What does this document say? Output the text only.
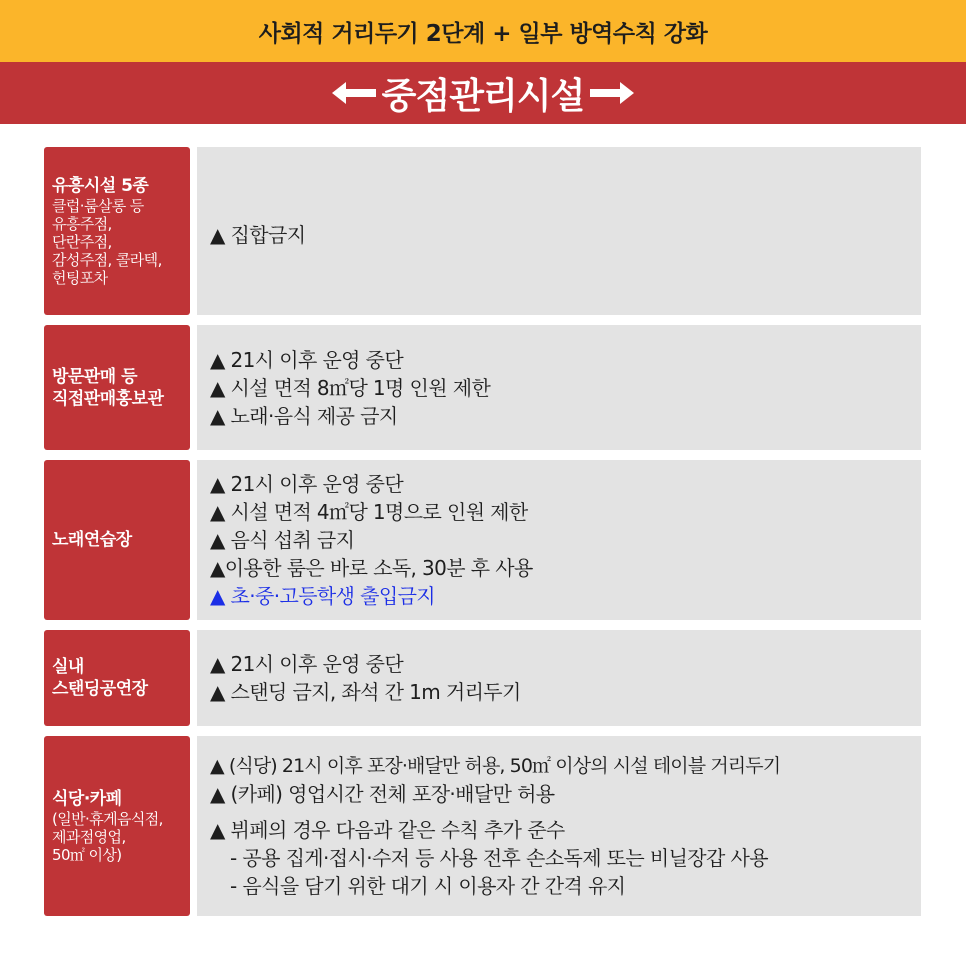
사회적 거리두기 2단계 + 일부 방역수칙 강화
중점관리시설
유흥시설 5종
클럽·룸살롱 등
유흥주점,
단란주점,
감성주점, 콜라텍,
헌팅포차
▲ 집합금지
방문판매 등
직접판매홍보관
▲ 21시 이후 운영 중단
▲ 시설 면적 8㎡당 1명 인원 제한
▲ 노래·음식 제공 금지
노래연습장
▲ 21시 이후 운영 중단
▲ 시설 면적 4㎡당 1명으로 인원 제한
▲ 음식 섭취 금지
▲이용한 룸은 바로 소독, 30분 후 사용
▲ 초·중·고등학생 출입금지
실내
스탠딩공연장
▲ 21시 이후 운영 중단
▲ 스탠딩 금지, 좌석 간 1m 거리두기
식당·카페
(일반·휴게음식점,
제과점영업,
50㎡ 이상)
▲ (식당) 21시 이후 포장·배달만 허용, 50㎡ 이상의 시설 테이블 거리두기
▲ (카페) 영업시간 전체 포장·배달만 허용
▲ 뷔페의 경우 다음과 같은 수칙 추가 준수
- 공용 집게·접시·수저 등 사용 전후 손소독제 또는 비닐장갑 사용
- 음식을 담기 위한 대기 시 이용자 간 간격 유지
